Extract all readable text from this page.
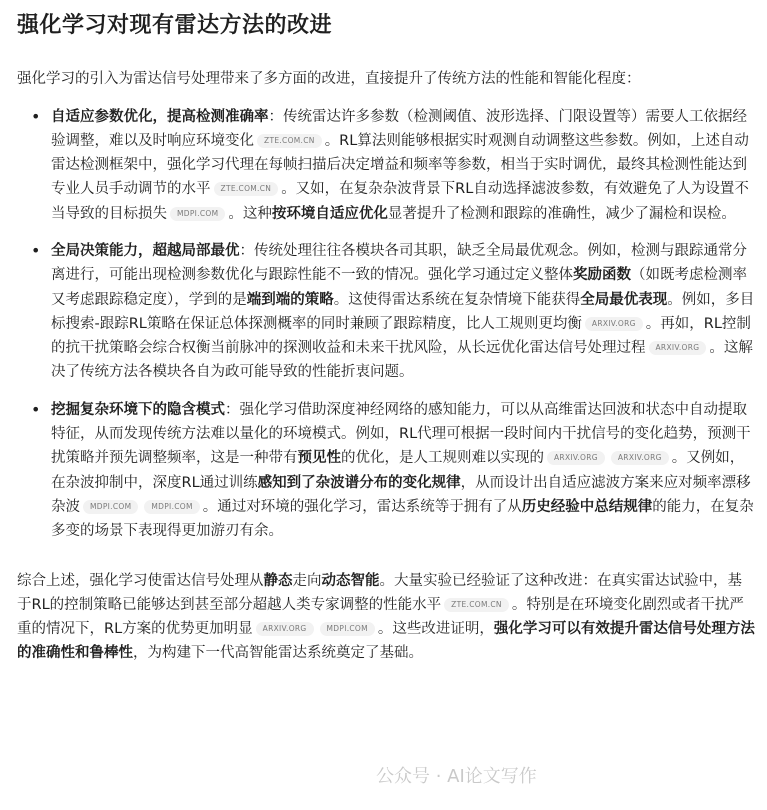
强化学习对现有雷达方法的改进

强化学习的引入为雷达信号处理带来了多方面的改进，直接提升了传统方法的性能和智能化程度：

• 自适应参数优化，提高检测准确率：传统雷达许多参数（检测阈值、波形选择、门限设置等）需要人工依据经验调整，难以及时响应环境变化 ZTE.COM.CN 。RL算法则能够根据实时观测自动调整这些参数。例如，上述自动雷达检测框架中，强化学习代理在每帧扫描后决定增益和频率等参数，相当于实时调优，最终其检测性能达到专业人员手动调节的水平 ZTE.COM.CN 。又如，在复杂杂波背景下RL自动选择滤波参数，有效避免了人为设置不当导致的目标损失 MDPI.COM 。这种按环境自适应优化显著提升了检测和跟踪的准确性，减少了漏检和误检。
• 全局决策能力，超越局部最优：传统处理往往各模块各司其职，缺乏全局最优观念。例如，检测与跟踪通常分离进行，可能出现检测参数优化与跟踪性能不一致的情况。强化学习通过定义整体奖励函数（如既考虑检测率又考虑跟踪稳定度），学到的是端到端的策略。这使得雷达系统在复杂情境下能获得全局最优表现。例如，多目标搜索-跟踪RL策略在保证总体探测概率的同时兼顾了跟踪精度，比人工规则更均衡 ARXIV.ORG 。再如，RL控制的抗干扰策略会综合权衡当前脉冲的探测收益和未来干扰风险，从长远优化雷达信号处理过程 ARXIV.ORG 。这解决了传统方法各模块各自为政可能导致的性能折衷问题。
• 挖掘复杂环境下的隐含模式：强化学习借助深度神经网络的感知能力，可以从高维雷达回波和状态中自动提取特征，从而发现传统方法难以量化的环境模式。例如，RL代理可根据一段时间内干扰信号的变化趋势，预测干扰策略并预先调整频率，这是一种带有预见性的优化，是人工规则难以实现的 ARXIV.ORG	ARXIV.ORG 。又例如，在杂波抑制中，深度RL通过训练感知到了杂波谱分布的变化规律，从而设计出自适应滤波方案来应对频率漂移杂波 MDPI.COM	MDPI.COM 。通过对环境的强化学习，雷达系统等于拥有了从历史经验中总结规律的能力，在复杂多变的场景下表现得更加游刃有余。

综合上述，强化学习使雷达信号处理从静态走向动态智能。大量实验已经验证了这种改进：在真实雷达试验中，基于RL的控制策略已能够达到甚至部分超越人类专家调整的性能水平 ZTE.COM.CN 。特别是在环境变化剧烈或者干扰严重的情况下，RL方案的优势更加明显 ARXIV.ORG	MDPI.COM 。这些改进证明，强化学习可以有效提升雷达信号处理方法的准确性和鲁棒性，为构建下一代高智能雷达系统奠定了基础。

公众号 · AI论文写作
